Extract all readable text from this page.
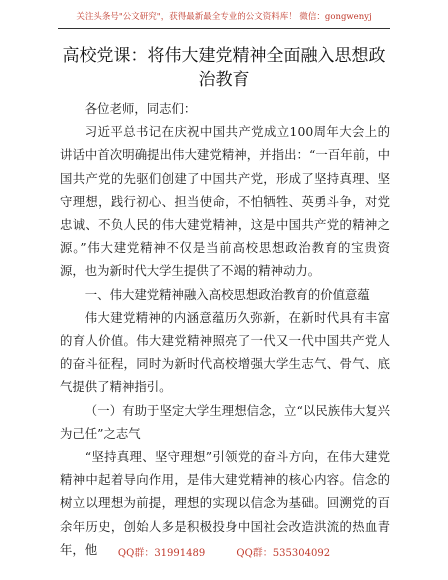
关注头条号"公文研究"，获得最新最全专业的公文资料库！ 微信：gongwenyj
高校党课：将伟大建党精神全面融入思想政治教育

各位老师，同志们：

习近平总书记在庆祝中国共产党成立100周年大会上的讲话中首次明确提出伟大建党精神，并指出：“一百年前，中国共产党的先驱们创建了中国共产党，形成了坚持真理、坚守理想，践行初心、担当使命，不怕牺牲、英勇斗争，对党忠诚、不负人民的伟大建党精神，这是中国共产党的精神之源。”伟大建党精神不仅是当前高校思想政治教育的宝贵资源，也为新时代大学生提供了不竭的精神动力。

一、伟大建党精神融入高校思想政治教育的价值意蕴

伟大建党精神的内涵意蕴历久弥新，在新时代具有丰富的育人价值。伟大建党精神照亮了一代又一代中国共产党人的奋斗征程，同时为新时代高校增强大学生志气、骨气、底气提供了精神指引。

（一）有助于坚定大学生理想信念，立“以民族伟大复兴为己任”之志气

“坚持真理、坚守理想”引领党的奋斗方向，在伟大建党精神中起着导向作用，是伟大建党精神的核心内容。信念的树立以理想为前提，理想的实现以信念为基础。回溯党的百余年历史，创始人多是积极投身中国社会改造洪流的热血青年，他	QQ群：31991489	QQ群：535304092
